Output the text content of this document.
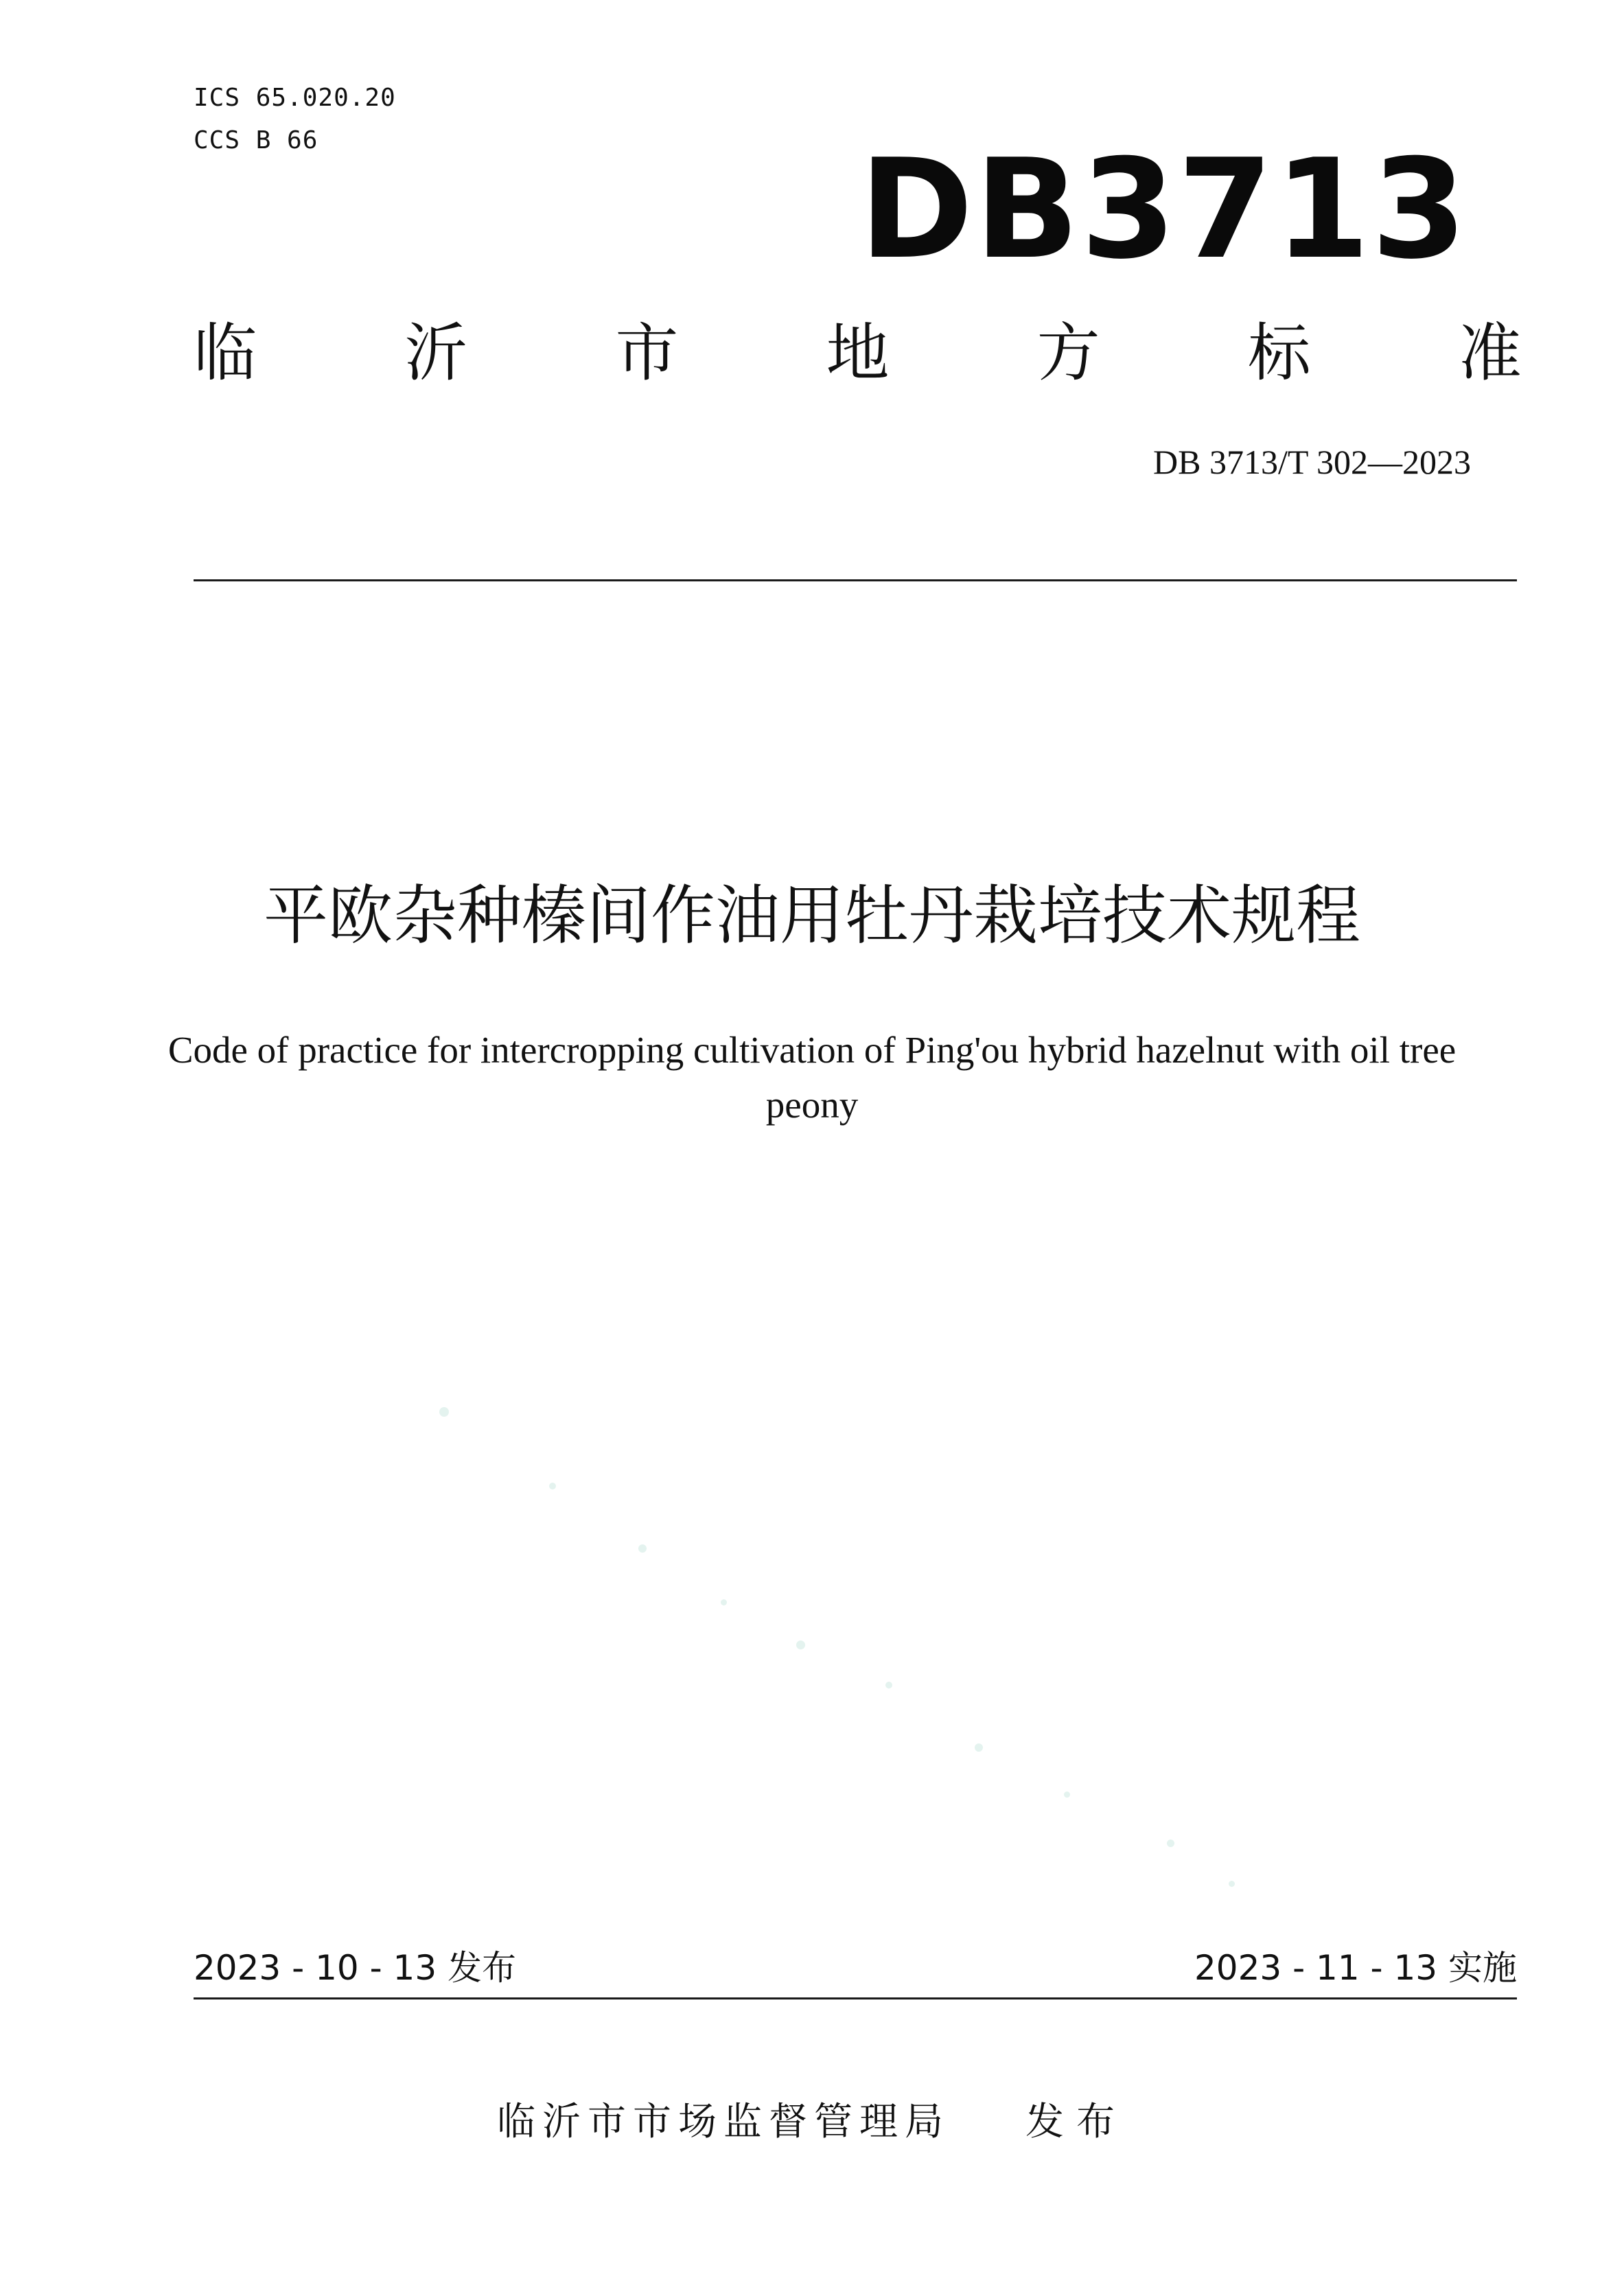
ICS 65.020.20
CCS B 66	DB3713
临 沂 市 地 方 标 准
DB 3713/T 302—2023
平欧杂种榛间作油用牡丹栽培技术规程
Code of practice for intercropping cultivation of Ping'ou hybrid hazelnut with oil tree peony
2023 - 10 - 13 发布	2023 - 11 - 13 实施
临沂市市场监督管理局 发布
